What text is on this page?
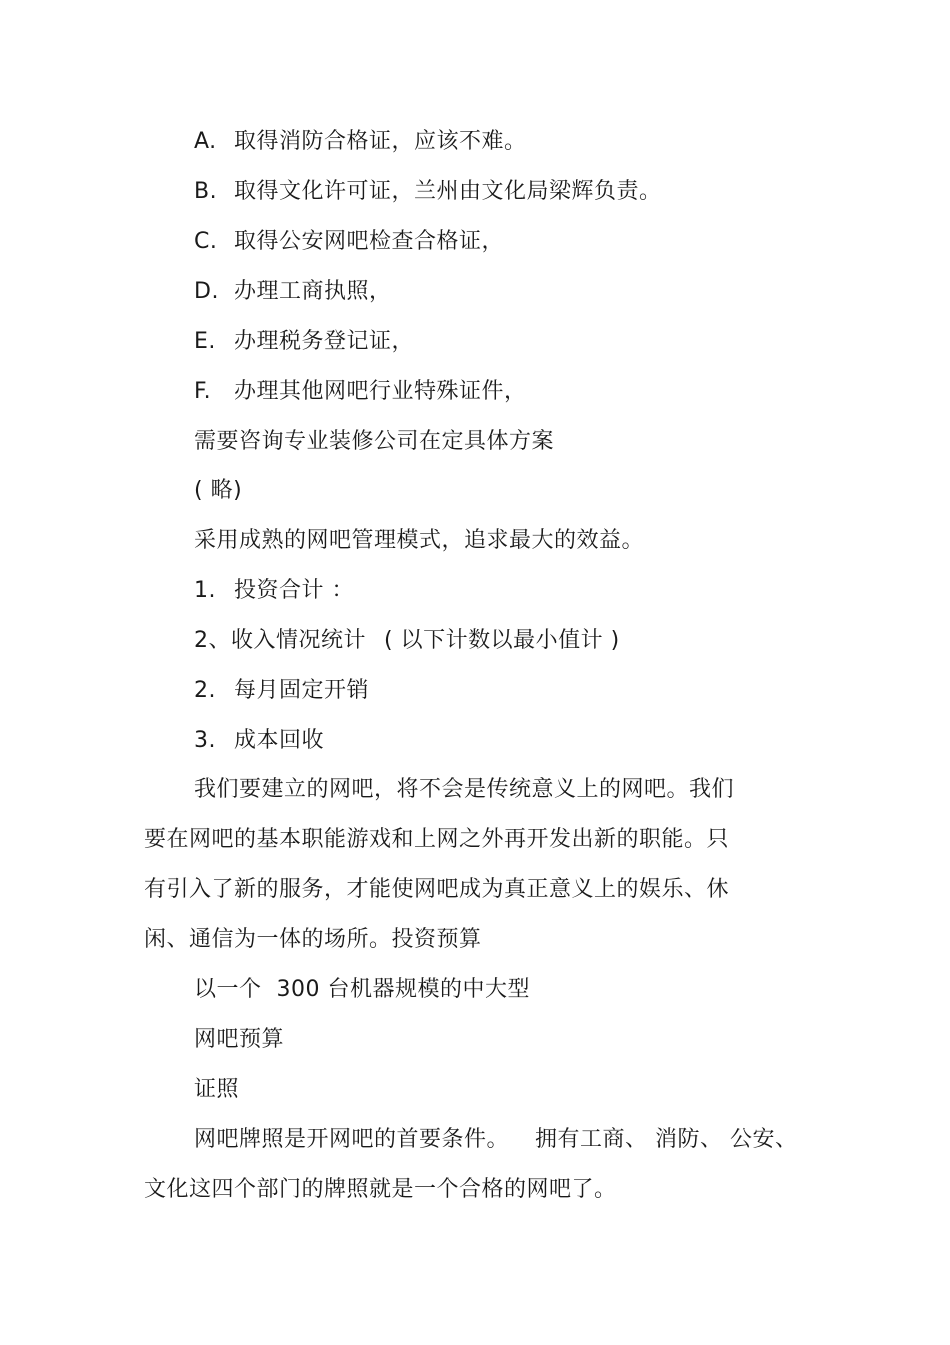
A. 取得消防合格证，应该不难。
B. 取得文化许可证，兰州由文化局梁辉负责。
C. 取得公安网吧检查合格证，
D. 办理工商执照，
E. 办理税务登记证，
F. 办理其他网吧行业特殊证件，
需要咨询专业装修公司在定具体方案
( 略)
采用成熟的网吧管理模式，追求最大的效益。
1. 投资合计 ：
2、收入情况统计 ( 以下计数以最小值计 )
2. 每月固定开销
3. 成本回收
我们要建立的网吧，将不会是传统意义上的网吧。我们
要在网吧的基本职能游戏和上网之外再开发出新的职能。只
有引入了新的服务，才能使网吧成为真正意义上的娱乐、休
闲、通信为一体的场所。投资预算
以一个  300 台机器规模的中大型
网吧预算
证照
网吧牌照是开网吧的首要条件。 拥有工商、 消防、 公安、
文化这四个部门的牌照就是一个合格的网吧了。
